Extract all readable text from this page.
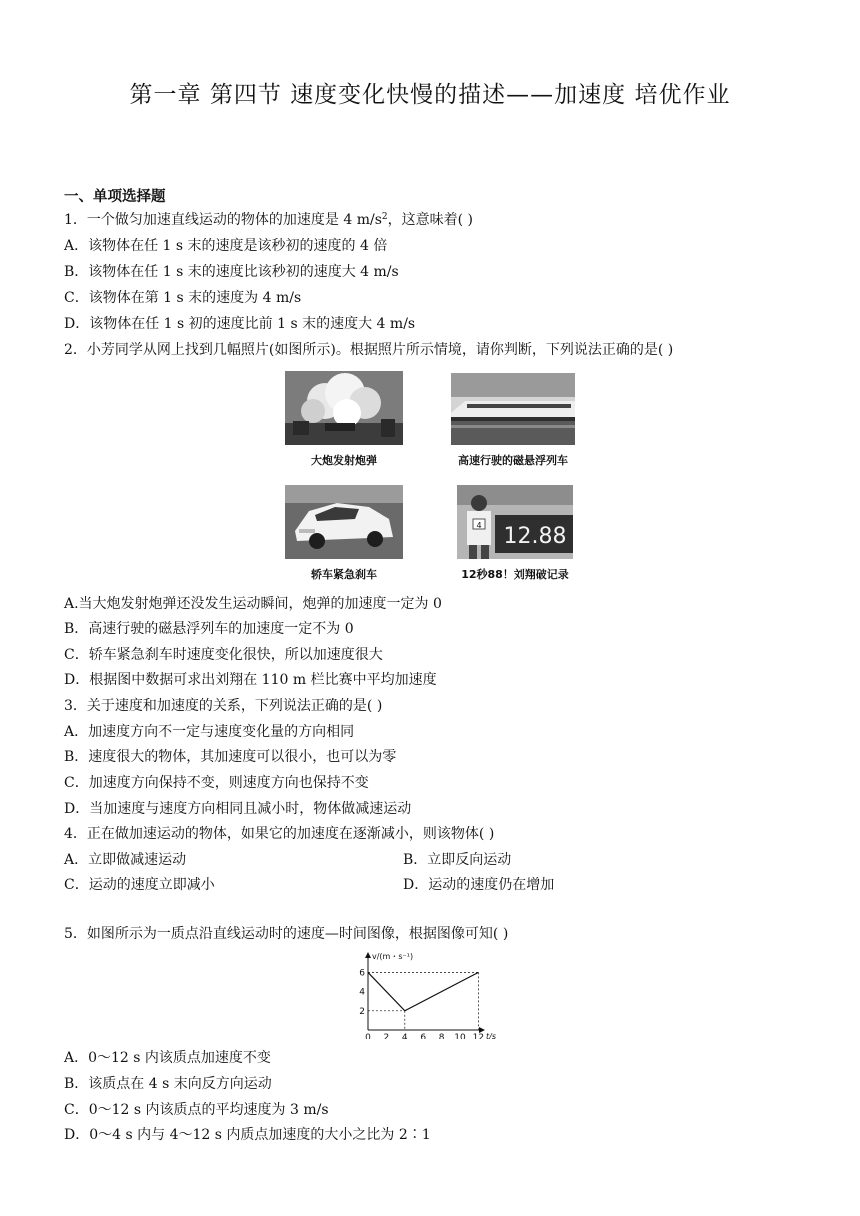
第一章 第四节 速度变化快慢的描述——加速度 培优作业
一、单项选择题
1．一个做匀加速直线运动的物体的加速度是 4 $m/s^2$，这意味着( )
A．该物体在任 1 s 末的速度是该秒初的速度的 4 倍
B．该物体在任 1 s 末的速度比该秒初的速度大 4 m/s
C．该物体在第 1 s 末的速度为 4 m/s
D．该物体在任 1 s 初的速度比前 1 s 末的速度大 4 m/s
2．小芳同学从网上找到几幅照片(如图所示)。根据照片所示情境，请你判断，下列说法正确的是( )
大炮发射炮弹	高速行驶的磁悬浮列车
轿车紧急刹车
12.88
4
12秒88！刘翔破记录
A.当大炮发射炮弹还没发生运动瞬间，炮弹的加速度一定为 0
B．高速行驶的磁悬浮列车的加速度一定不为 0
C．轿车紧急刹车时速度变化很快，所以加速度很大
D．根据图中数据可求出刘翔在 110 m 栏比赛中平均加速度
3．关于速度和加速度的关系，下列说法正确的是( )
A．加速度方向不一定与速度变化量的方向相同
B．速度很大的物体，其加速度可以很小，也可以为零
C．加速度方向保持不变，则速度方向也保持不变
D．当加速度与速度方向相同且减小时，物体做减速运动
4．正在做加速运动的物体，如果它的加速度在逐渐减小，则该物体( )
A．立即做减速运动	B．立即反向运动
C．运动的速度立即减小	D．运动的速度仍在增加
5．如图所示为一质点沿直线运动时的速度—时间图像，根据图像可知( )
v/(m・s⁻¹)
t/s
0 2 4 6 8 10 12
2
4
6
A．0～12 s 内该质点加速度不变
B．该质点在 4 s 末向反方向运动
C．0～12 s 内该质点的平均速度为 3 m/s
D．0～4 s 内与 4～12 s 内质点加速度的大小之比为 2∶1
